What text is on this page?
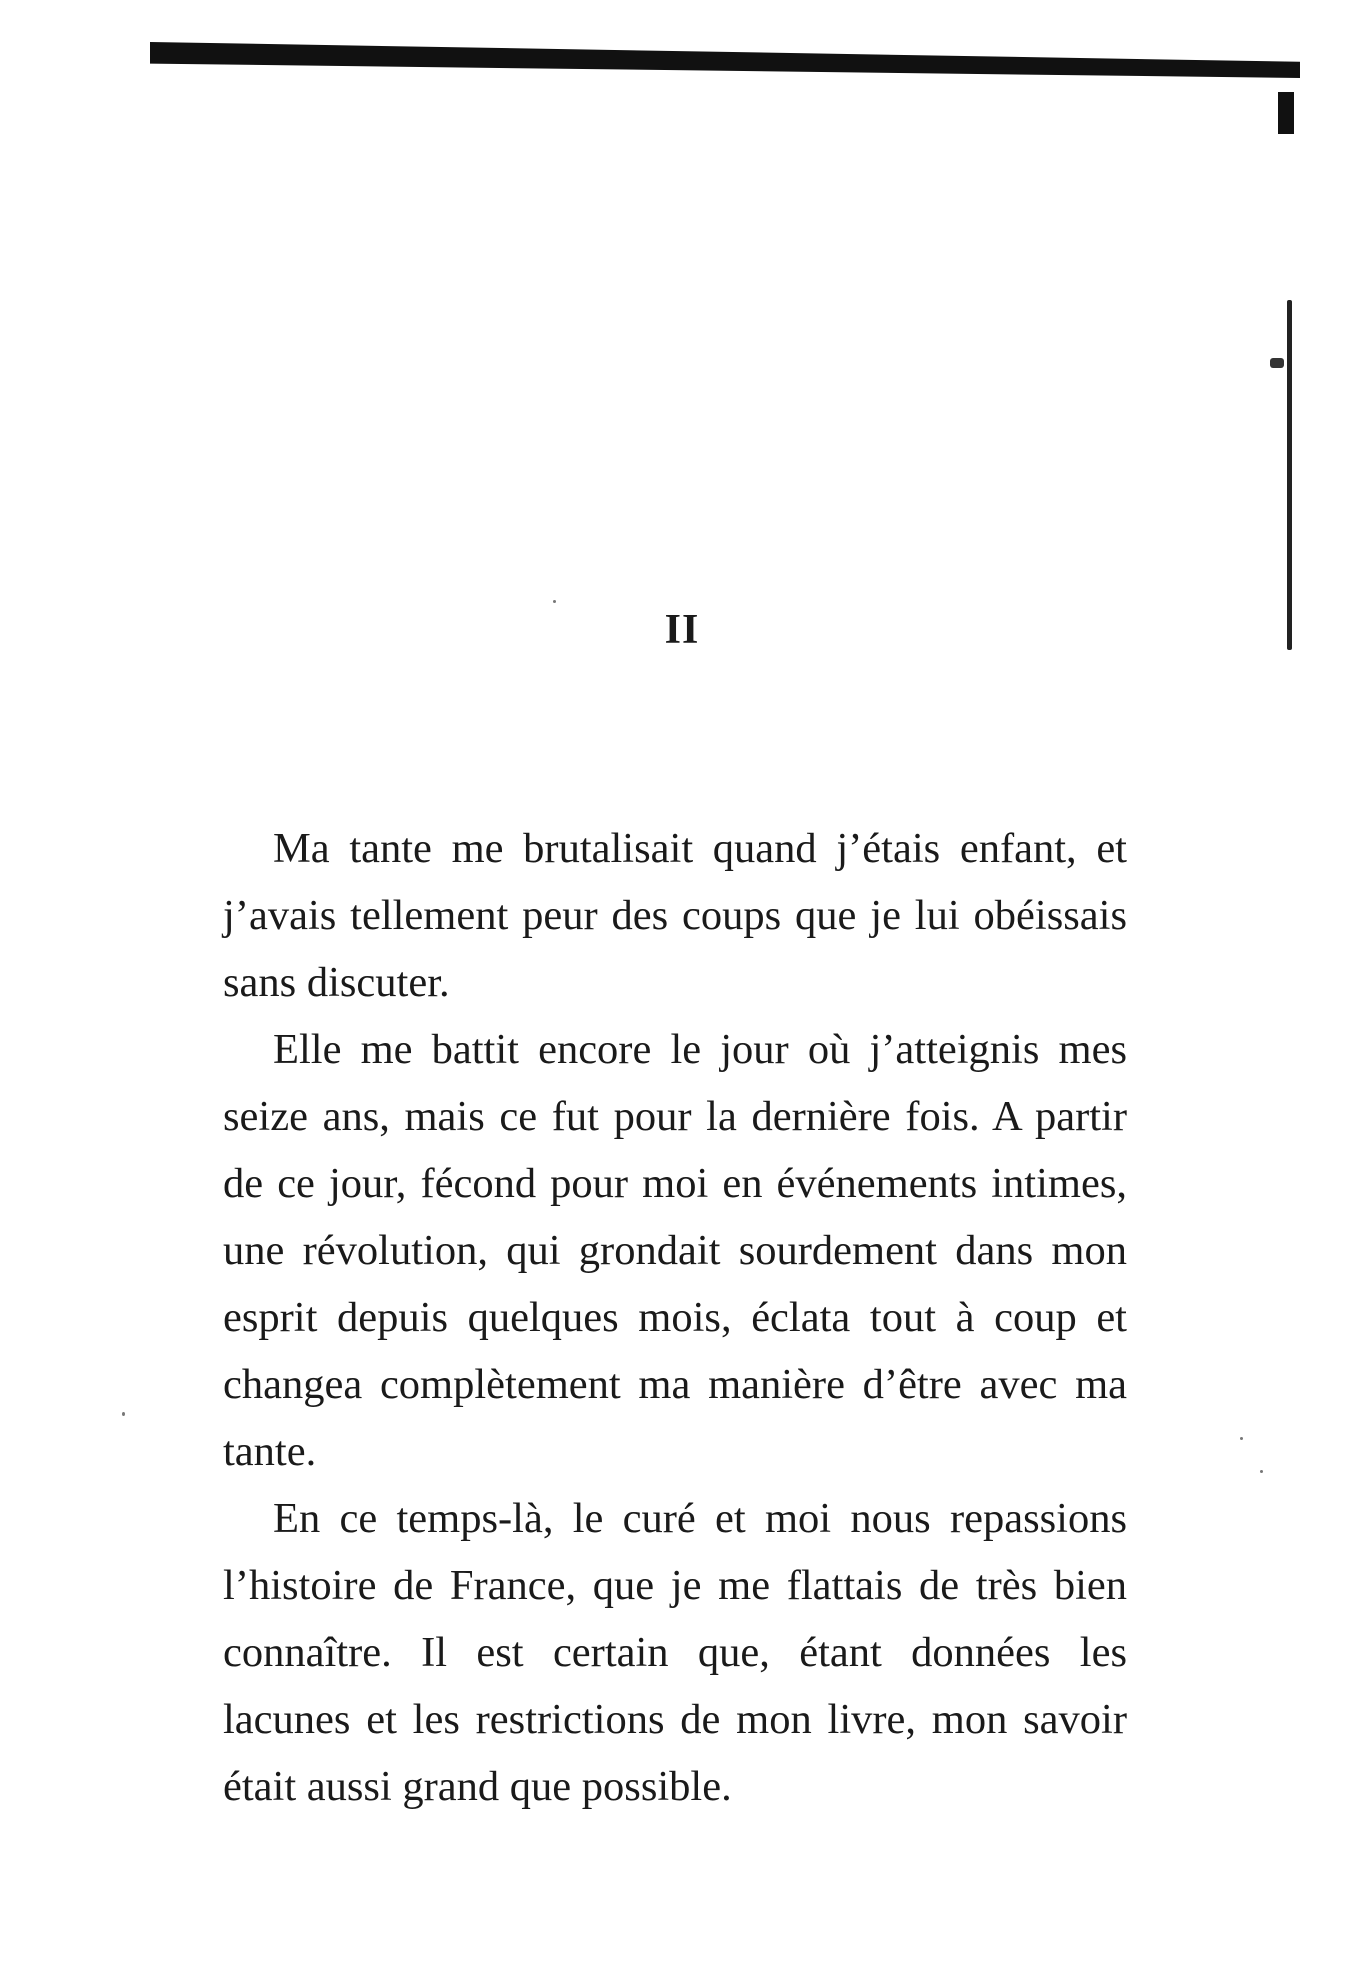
II

Ma tante me brutalisait quand j’étais enfant, et j’avais tellement peur des coups que je lui obéissais sans discuter.

Elle me battit encore le jour où j’atteignis mes seize ans, mais ce fut pour la dernière fois. A partir de ce jour, fécond pour moi en événements intimes, une révolution, qui grondait sourdement dans mon esprit depuis quelques mois, éclata tout à coup et changea complètement ma manière d’être avec ma tante.

En ce temps-là, le curé et moi nous repassions l’histoire de France, que je me flattais de très bien connaître. Il est certain que, étant données les lacunes et les restrictions de mon livre, mon savoir était aussi grand que possible.
